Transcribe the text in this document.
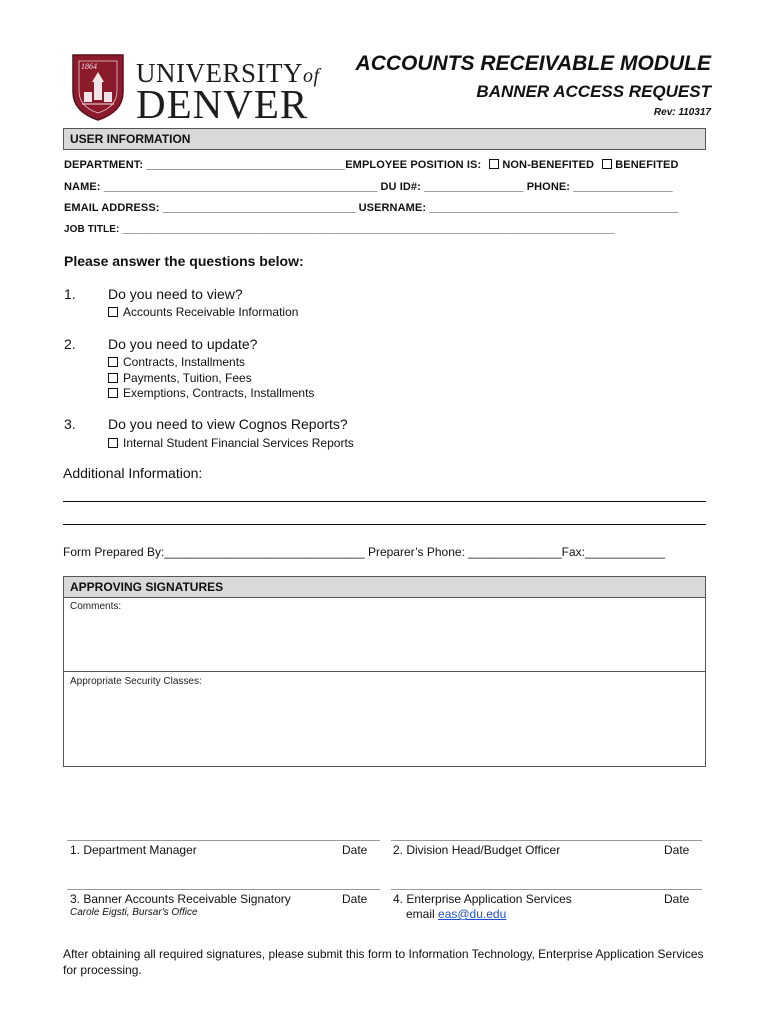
1864 UNIVERSITYof
DENVER
ACCOUNTS RECEIVABLE MODULE
BANNER ACCESS REQUEST
Rev: 110317
USER INFORMATION
DEPARTMENT: ________________________________EMPLOYEE POSITION IS: NON-BENEFITED BENEFITED
NAME: ____________________________________________ DU ID#: ________________ PHONE: ________________
EMAIL ADDRESS: _______________________________ USERNAME: ________________________________________
JOB TITLE: _______________________________________________________________________________________
Please answer the questions below:
1. Do you need to view?
Accounts Receivable Information
2. Do you need to update?
Contracts, Installments
Payments, Tuition, Fees
Exemptions, Contracts, Installments
3. Do you need to view Cognos Reports?
Internal Student Financial Services Reports
Additional Information:
Form Prepared By:______________________________ Preparer’s Phone: ______________Fax:____________
APPROVING SIGNATURES
Comments:
Appropriate Security Classes:
1. Department Manager	Date 2. Division Head/Budget Officer	Date
3. Banner Accounts Receivable Signatory
Carole Eigsti, Bursar's Office
Date 4. Enterprise Application Services
email eas@du.edu
Date
After obtaining all required signatures, please submit this form to Information Technology, Enterprise Application Services for processing.
